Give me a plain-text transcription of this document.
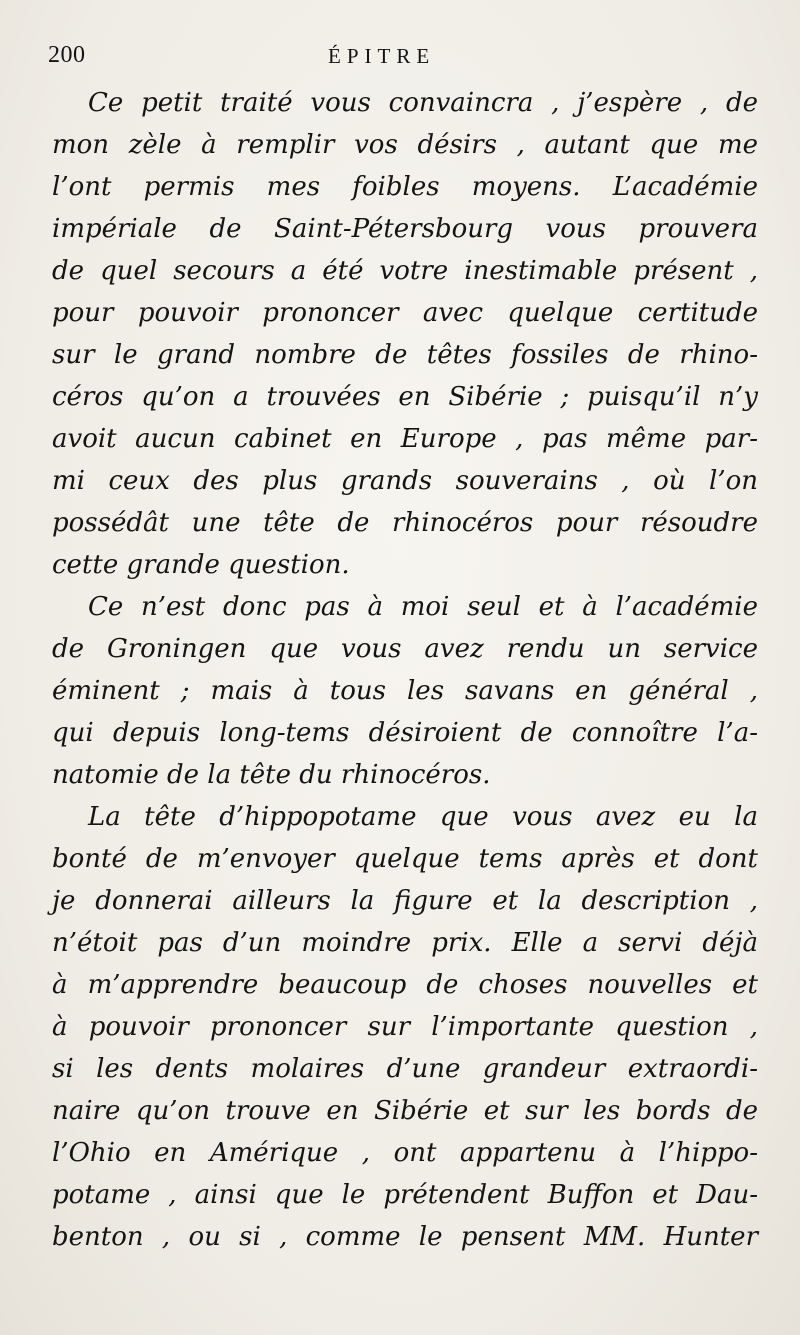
200	ÉPITRE
Ce petit traité vous convaincra , j’espère , de
mon zèle à remplir vos désirs , autant que me
l’ont permis mes foibles moyens. L’académie
impériale de Saint-Pétersbourg vous prouvera
de quel secours a été votre inestimable présent ,
pour pouvoir prononcer avec quelque certitude
sur le grand nombre de têtes fossiles de rhino-
céros qu’on a trouvées en Sibérie ; puisqu’il n’y
avoit aucun cabinet en Europe , pas même par-
mi ceux des plus grands souverains , où l’on
possédât une tête de rhinocéros pour résoudre
cette grande question.
Ce n’est donc pas à moi seul et à l’académie
de Groningen que vous avez rendu un service
éminent ; mais à tous les savans en général ,
qui depuis long-tems désiroient de connoître l’a-
natomie de la tête du rhinocéros.
La tête d’hippopotame que vous avez eu la
bonté de m’envoyer quelque tems après et dont
je donnerai ailleurs la figure et la description ,
n’étoit pas d’un moindre prix. Elle a servi déjà
à m’apprendre beaucoup de choses nouvelles et
à pouvoir prononcer sur l’importante question ,
si les dents molaires d’une grandeur extraordi-
naire qu’on trouve en Sibérie et sur les bords de
l’Ohio en Amérique , ont appartenu à l’hippo-
potame , ainsi que le prétendent Buffon et Dau-
benton , ou si , comme le pensent MM. Hunter
